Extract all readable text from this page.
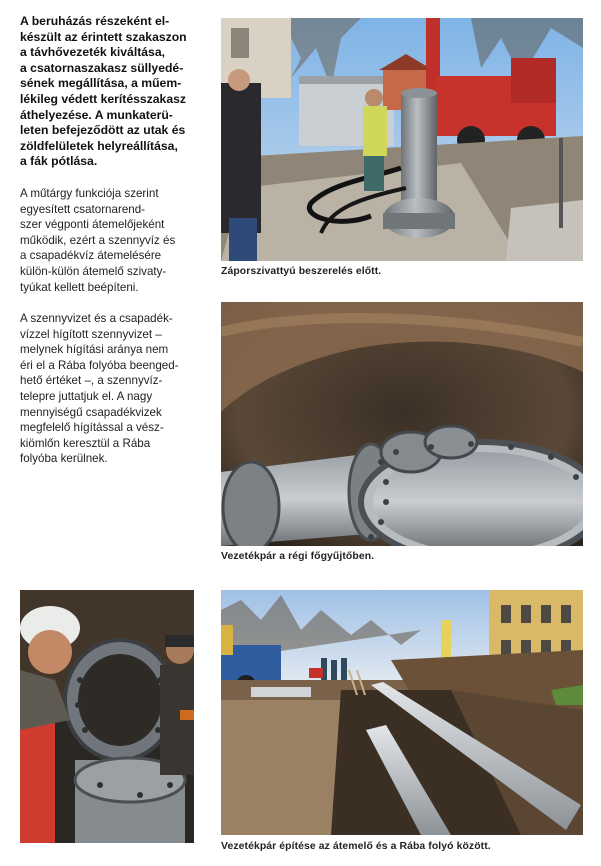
A beruházás részeként el-

készült az érintett szakaszon

a távhővezeték kiváltása,

a csatornaszakasz süllyedé-

sének megállítása, a műem-

lékileg védett kerítésszakasz

áthelyezése. A munkaterü-

leten befejeződött az utak és

zöldfelületek helyreállítása,

a fák pótlása.

A műtárgy funkciója szerint

egyesített csatornarend-

szer végponti átemelőjeként

működik, ezért a szennyvíz és

a csapadékvíz átemelésére

külön-külön átemelő szivaty-

tyúkat kellett beépíteni.

A szennyvizet és a csapadék-

vízzel hígított szennyvizet –

melynek hígítási aránya nem

éri el a Rába folyóba beenged-

hető értéket –, a szennyvíz-

telepre juttatjuk el. A nagy

mennyiségű csapadékvizek

megfelelő hígítással a vész-

kiömlőn keresztül a Rába

folyóba kerülnek.

Záporszivattyú beszerelés előtt.
Vezetékpár a régi főgyűjtőben.
Vezetékpár építése az átemelő és a Rába folyó között.
